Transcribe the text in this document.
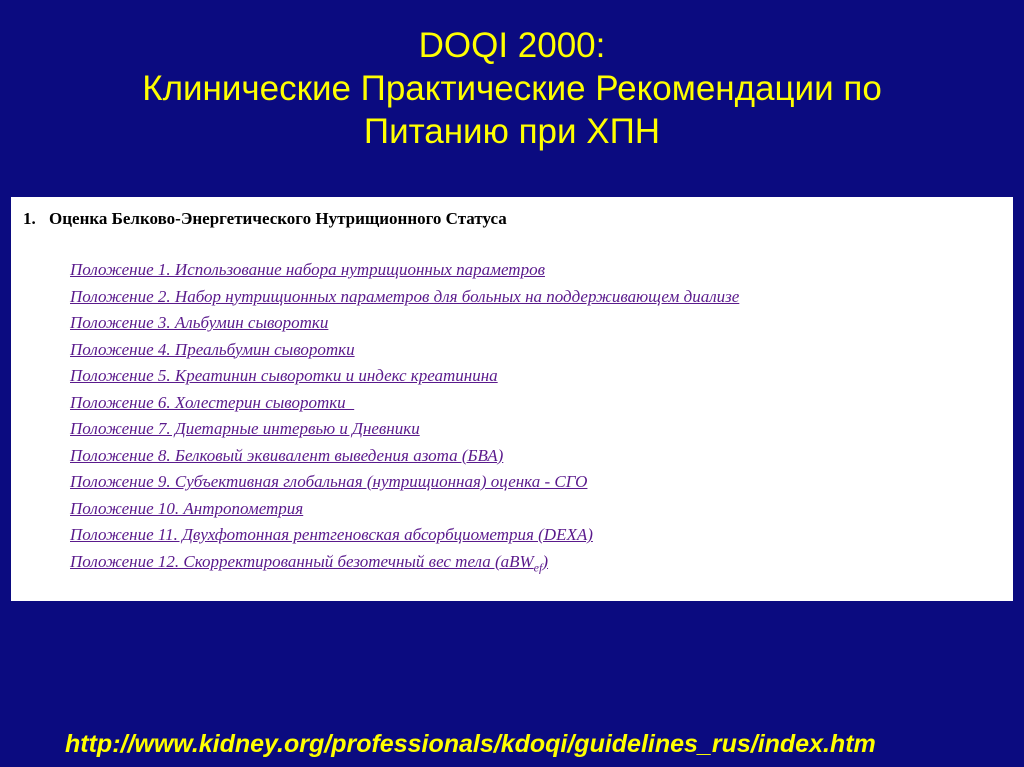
DOQI 2000:
Клинические Практические Рекомендации по
Питанию при ХПН
1. Оценка Белково-Энергетического Нутрищионного Статуса
Положение 1. Использование набора нутрищионных параметров
Положение 2. Набор нутрищионных параметров для больных на поддерживающем диализе
Положение 3. Альбумин сыворотки
Положение 4. Преальбумин сыворотки
Положение 5. Креатинин сыворотки и индекс креатинина
Положение 6. Холестерин сыворотки
Положение 7. Диетарные интервью и Дневники
Положение 8. Белковый эквивалент выведения азота (БВА)
Положение 9. Субъективная глобальная (нутрищионная) оценка - СГО
Положение 10. Антропометрия
Положение 11. Двухфотонная рентгеновская абсорбциометрия (DEXA)
Положение 12. Скорректированный безотечный вес тела (aBW$_{ef}$)
http://www.kidney.org/professionals/kdoqi/guidelines_rus/index.htm
